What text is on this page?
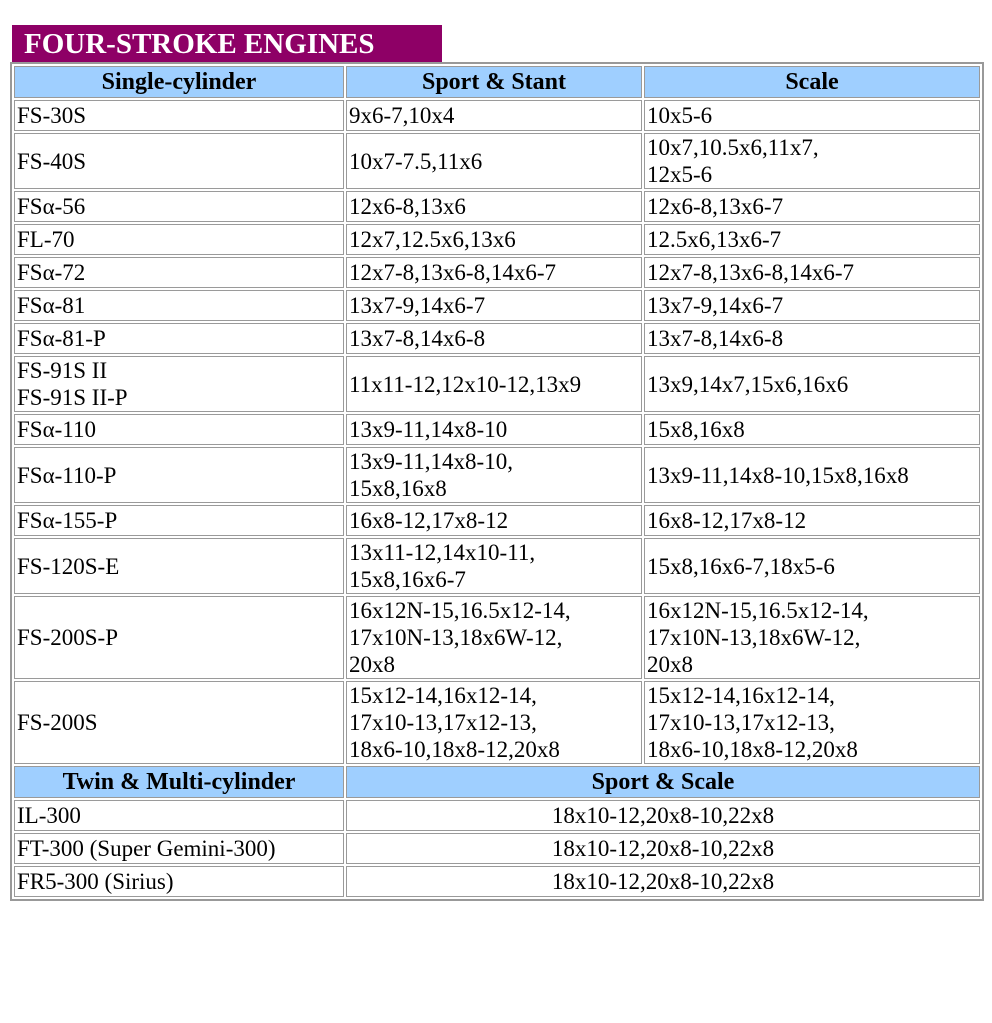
FOUR-STROKE ENGINES
Single-cylinder	Sport & Stant	Scale
FS-30S	9x6-7,10x4	10x5-6
FS-40S	10x7-7.5,11x6	10x7,10.5x6,11x7,
12x5-6
FSα-56	12x6-8,13x6	12x6-8,13x6-7
FL-70	12x7,12.5x6,13x6	12.5x6,13x6-7
FSα-72	12x7-8,13x6-8,14x6-7	12x7-8,13x6-8,14x6-7
FSα-81	13x7-9,14x6-7	13x7-9,14x6-7
FSα-81-P	13x7-8,14x6-8	13x7-8,14x6-8
FS-91S II
FS-91S II-P	11x11-12,12x10-12,13x9	13x9,14x7,15x6,16x6
FSα-110	13x9-11,14x8-10	15x8,16x8
FSα-110-P	13x9-11,14x8-10,
15x8,16x8	13x9-11,14x8-10,15x8,16x8
FSα-155-P	16x8-12,17x8-12	16x8-12,17x8-12
FS-120S-E	13x11-12,14x10-11,
15x8,16x6-7	15x8,16x6-7,18x5-6
FS-200S-P	16x12N-15,16.5x12-14,
17x10N-13,18x6W-12,
20x8	16x12N-15,16.5x12-14,
17x10N-13,18x6W-12,
20x8
FS-200S	15x12-14,16x12-14,
17x10-13,17x12-13,
18x6-10,18x8-12,20x8	15x12-14,16x12-14,
17x10-13,17x12-13,
18x6-10,18x8-12,20x8
Twin & Multi-cylinder	Sport & Scale	
IL-300	18x10-12,20x8-10,22x8	
FT-300 (Super Gemini-300)	18x10-12,20x8-10,22x8	
FR5-300 (Sirius)	18x10-12,20x8-10,22x8	
